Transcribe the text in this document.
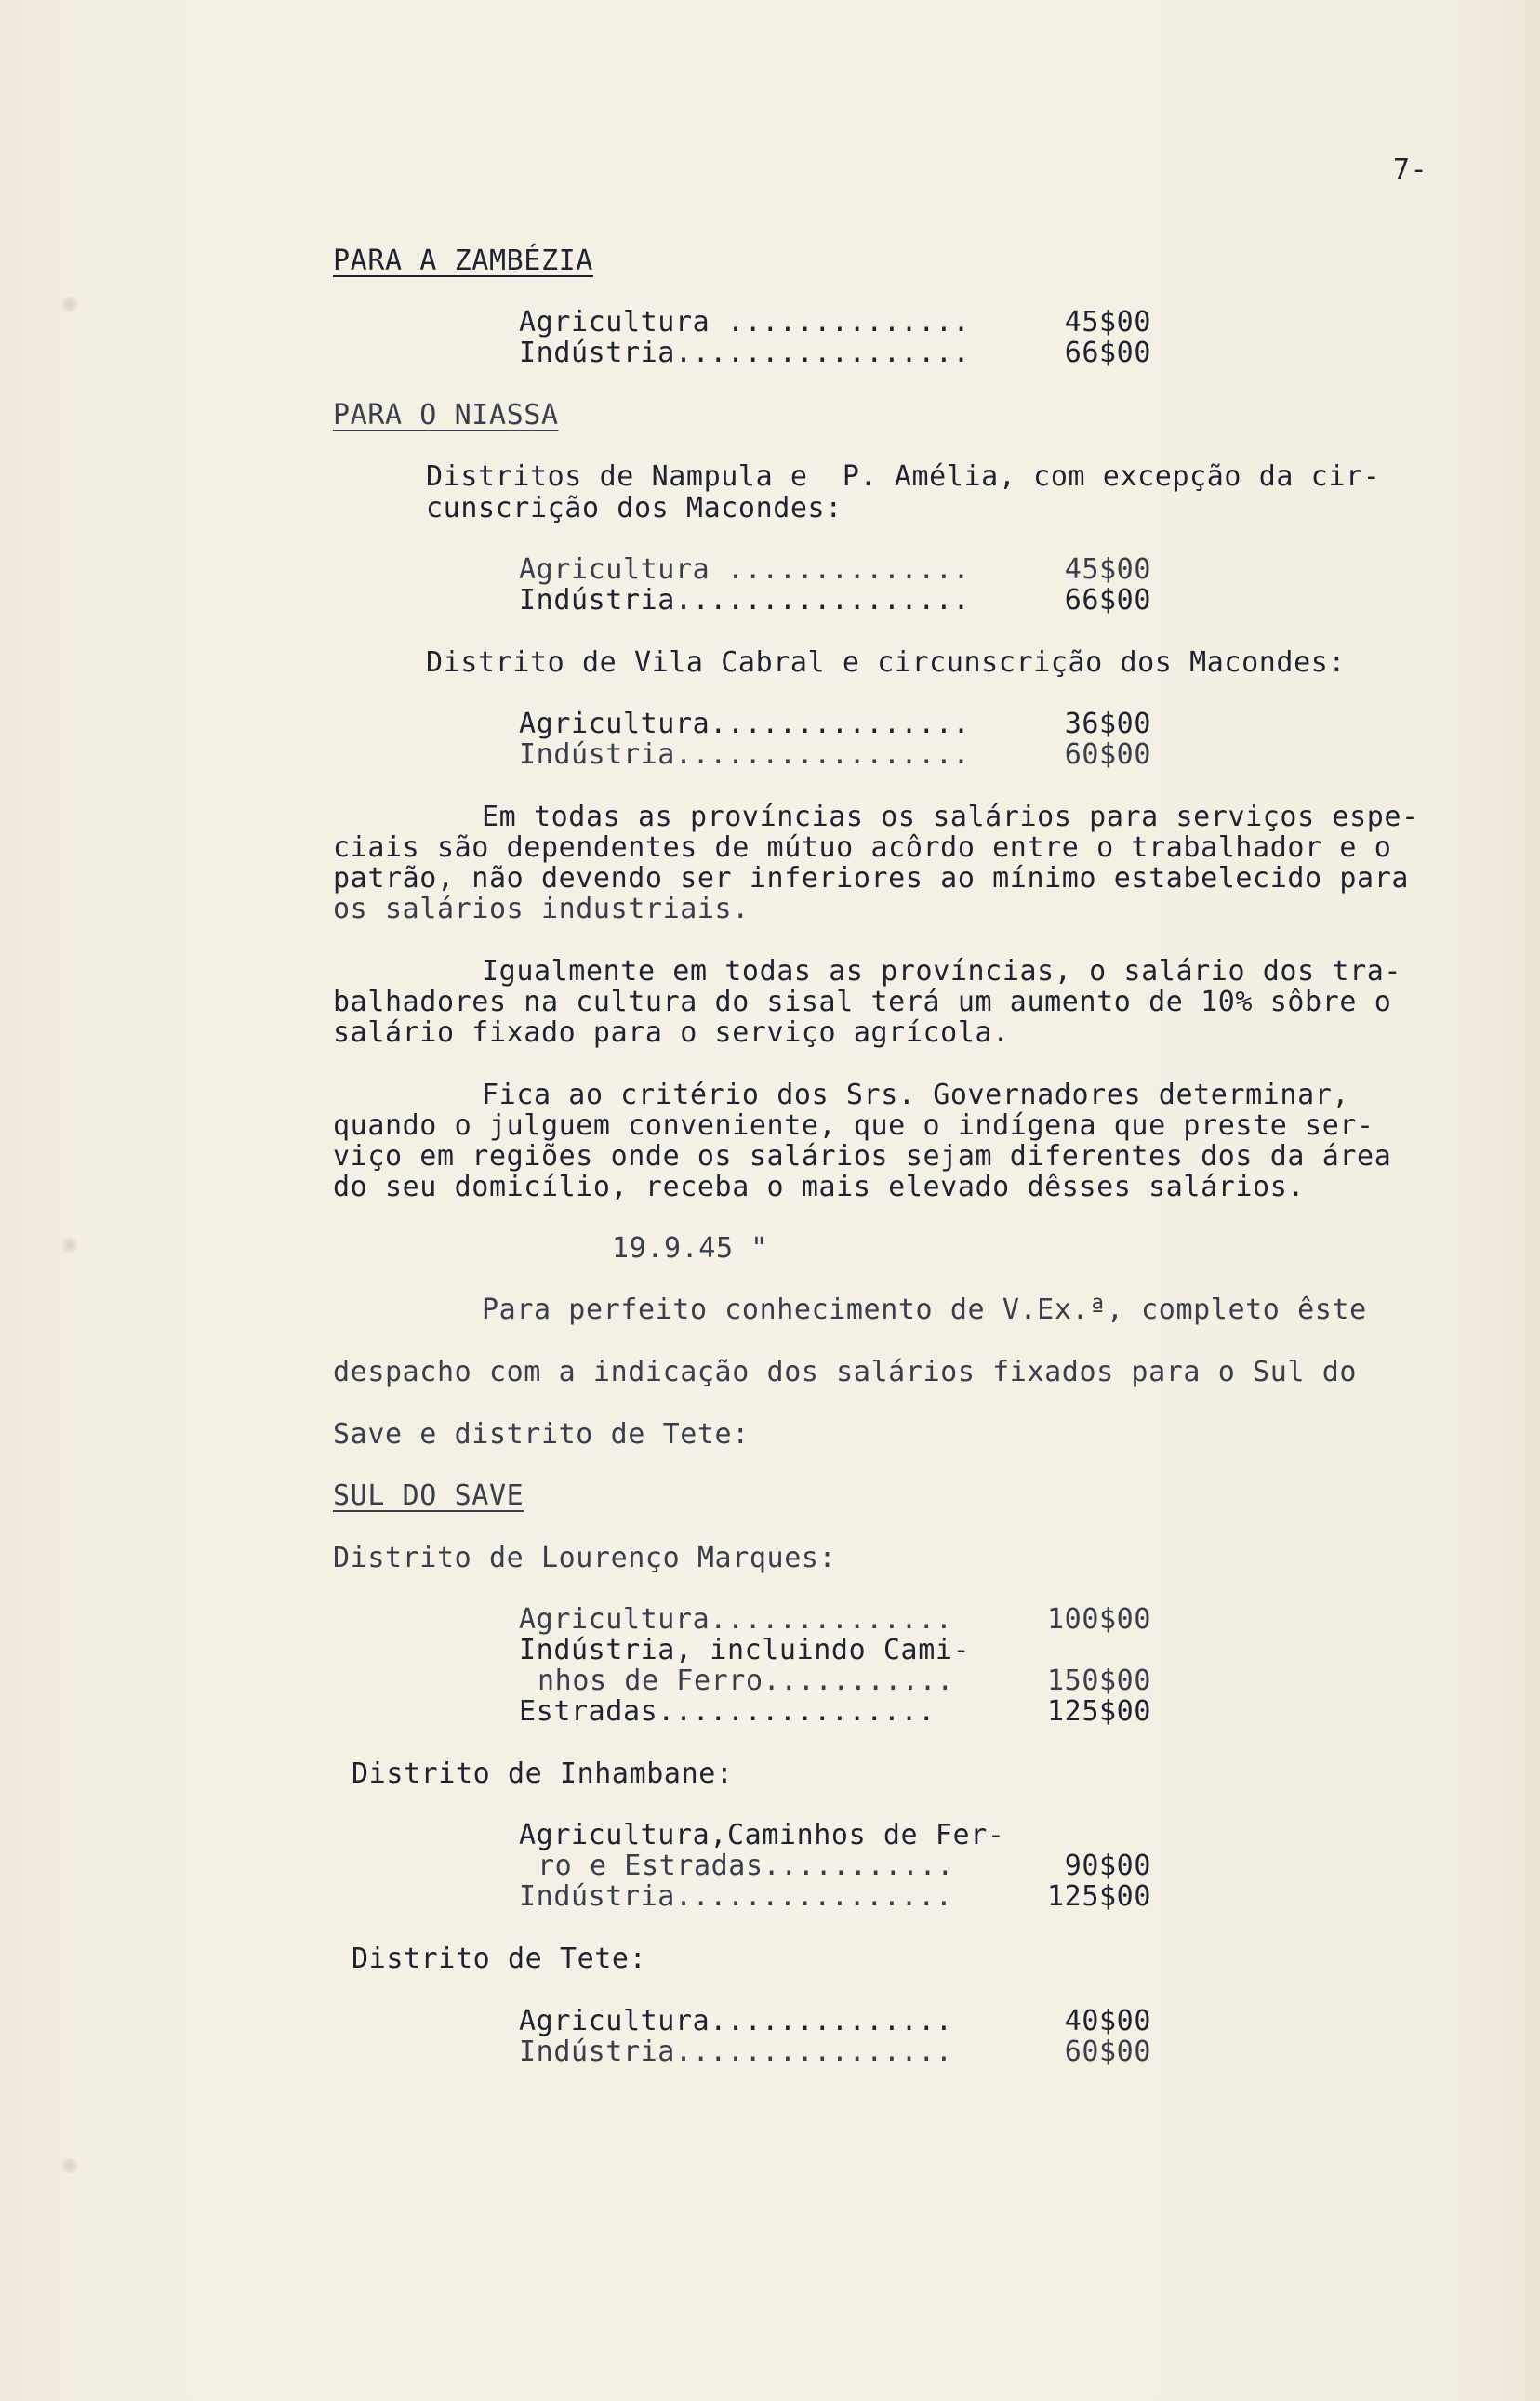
7-
PARA A ZAMBÉZIA
Agricultura ..............	45$00
Indústria.................	66$00
PARA O NIASSA
Distritos de Nampula e  P. Amélia, com excepção da cir-
cunscrição dos Macondes:
Agricultura ..............	45$00
Indústria.................	66$00
Distrito de Vila Cabral e circunscrição dos Macondes:
Agricultura...............	36$00
Indústria.................	60$00
Em todas as províncias os salários para serviços espe-
ciais são dependentes de mútuo acôrdo entre o trabalhador e o
patrão, não devendo ser inferiores ao mínimo estabelecido para
os salários industriais.
Igualmente em todas as províncias, o salário dos tra-
balhadores na cultura do sisal terá um aumento de 10% sôbre o
salário fixado para o serviço agrícola.
Fica ao critério dos Srs. Governadores determinar,
quando o julguem conveniente, que o indígena que preste ser-
viço em regiões onde os salários sejam diferentes dos da área
do seu domicílio, receba o mais elevado dêsses salários.
19.9.45 "
Para perfeito conhecimento de V.Ex.ª, completo êste
despacho com a indicação dos salários fixados para o Sul do
Save e distrito de Tete:
SUL DO SAVE
Distrito de Lourenço Marques:
Agricultura..............	100$00
Indústria, incluindo Cami-
nhos de Ferro...........	150$00
Estradas................	125$00
Distrito de Inhambane:
Agricultura,Caminhos de Fer-
ro e Estradas...........	90$00
Indústria................	125$00
Distrito de Tete:
Agricultura..............	40$00
Indústria................	60$00
